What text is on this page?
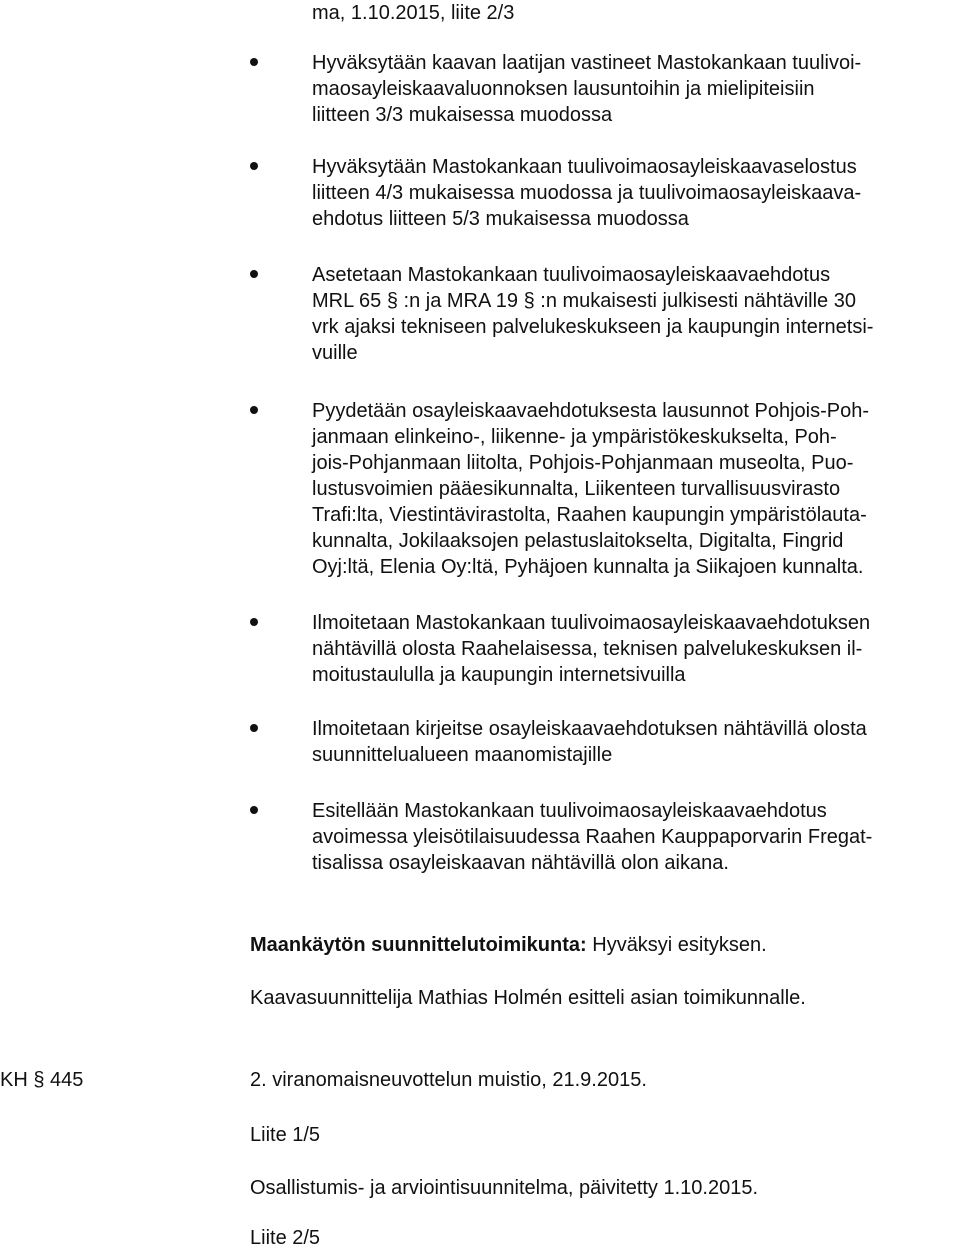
ma, 1.10.2015, liite 2/3
Hyväksytään kaavan laatijan vastineet Mastokankaan tuulivoi-
maosayleiskaavaluonnoksen lausuntoihin ja mielipiteisiin
liitteen 3/3 mukaisessa muodossa
Hyväksytään Mastokankaan tuulivoimaosayleiskaavaselostus
liitteen 4/3 mukaisessa muodossa ja tuulivoimaosayleiskaava-
ehdotus liitteen 5/3 mukaisessa muodossa
Asetetaan Mastokankaan tuulivoimaosayleiskaavaehdotus
MRL 65 § :n ja MRA 19 § :n mukaisesti julkisesti nähtäville 30
vrk ajaksi tekniseen palvelukeskukseen ja kaupungin internetsi-
vuille
Pyydetään osayleiskaavaehdotuksesta lausunnot Pohjois-Poh-
janmaan elinkeino-, liikenne- ja ympäristökeskukselta, Poh-
jois-Pohjanmaan liitolta, Pohjois-Pohjanmaan museolta, Puo-
lustusvoimien pääesikunnalta, Liikenteen turvallisuusvirasto
Trafi:lta, Viestintävirastolta, Raahen kaupungin ympäristölauta-
kunnalta, Jokilaaksojen pelastuslaitokselta, Digitalta, Fingrid
Oyj:ltä, Elenia Oy:ltä, Pyhäjoen kunnalta ja Siikajoen kunnalta.
Ilmoitetaan Mastokankaan tuulivoimaosayleiskaavaehdotuksen
nähtävillä olosta Raahelaisessa, teknisen palvelukeskuksen il-
moitustaululla ja kaupungin internetsivuilla
Ilmoitetaan kirjeitse osayleiskaavaehdotuksen nähtävillä olosta
suunnittelualueen maanomistajille
Esitellään Mastokankaan tuulivoimaosayleiskaavaehdotus
avoimessa yleisötilaisuudessa Raahen Kauppaporvarin Fregat-
tisalissa osayleiskaavan nähtävillä olon aikana.
Maankäytön suunnittelutoimikunta: Hyväksyi esityksen.
Kaavasuunnittelija Mathias Holmén esitteli asian toimikunnalle.
KH § 445	2. viranomaisneuvottelun muistio, 21.9.2015.
Liite 1/5
Osallistumis- ja arviointisuunnitelma, päivitetty 1.10.2015.
Liite 2/5
